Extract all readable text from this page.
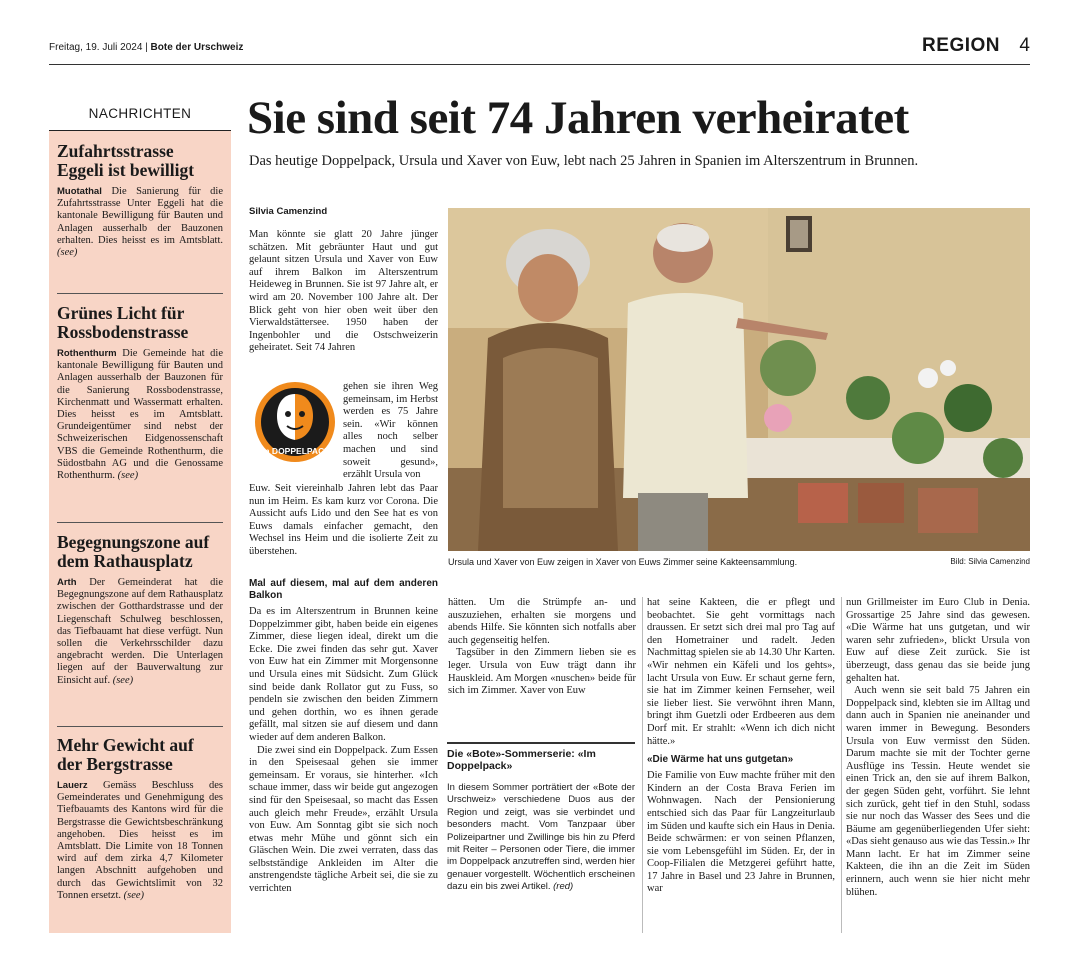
Freitag, 19. Juli 2024 | Bote der Urschweiz	REGION 4
NACHRICHTEN
Zufahrtsstrasse Eggeli ist bewilligt
Muotathal Die Sanierung für die Zufahrtsstrasse Unter Eggeli hat die kantonale Bewilligung für Bauten und Anlagen ausserhalb der Bauzonen erhalten. Dies heisst es im Amtsblatt. (see)
Grünes Licht für Rossbodenstrasse
Rothenthurm Die Gemeinde hat die kantonale Bewilligung für Bauten und Anlagen ausserhalb der Bauzonen für die Sanierung Rossbodenstrasse, Kirchenmatt und Wassermatt erhalten. Dies heisst es im Amtsblatt. Grundeigentümer sind nebst der Schweizerischen Eidgenossenschaft VBS die Gemeinde Rothenthurm, die Südostbahn AG und die Genossame Rothenthurm. (see)
Begegnungszone auf dem Rathausplatz
Arth Der Gemeinderat hat die Begegnungszone auf dem Rathausplatz zwischen der Gotthardstrasse und der Liegenschaft Schulweg beschlossen, das Tiefbauamt hat diese verfügt. Nun sollen die Verkehrsschilder dazu angebracht werden. Die Unterlagen liegen auf der Bauverwaltung zur Einsicht auf. (see)
Mehr Gewicht auf der Bergstrasse
Lauerz Gemäss Beschluss des Gemeinderates und Genehmigung des Tiefbauamts des Kantons wird für die Bergstrasse die Gewichtsbeschränkung angehoben. Dies heisst es im Amtsblatt. Die Limite von 18 Tonnen wird auf dem zirka 4,7 Kilometer langen Abschnitt aufgehoben und durch das Gewichtslimit von 32 Tonnen ersetzt. (see)
Sie sind seit 74 Jahren verheiratet
Das heutige Doppelpack, Ursula und Xaver von Euw, lebt nach 25 Jahren in Spanien im Alterszentrum in Brunnen.
Silvia Camenzind

Man könnte sie glatt 20 Jahre jünger schätzen. Mit gebräunter Haut und gut gelaunt sitzen Ursula und Xaver von Euw auf ihrem Balkon im Alterszentrum Heideweg in Brunnen. Sie ist 97 Jahre alt, er wird am 20. November 100 Jahre alt. Der Blick geht von hier oben weit über den Vierwaldstättersee. 1950 haben der Ingenbohler und die Ostschweizerin geheiratet. Seit 74 Jahren

im DOPPELPACK

gehen sie ihren Weg gemeinsam, im Herbst werden es 75 Jahre sein. «Wir können alles noch selber machen und sind soweit gesund», erzählt Ursula von

Euw. Seit viereinhalb Jahren lebt das Paar nun im Heim. Es kam kurz vor Corona. Die Aussicht aufs Lido und den See hat es von Euws damals einfacher gemacht, den Wechsel ins Heim und die isolierte Zeit zu überstehen.

Ursula und Xaver von Euw zeigen in Xaver von Euws Zimmer seine Kakteensammlung.	Bild: Silvia Camenzind
Mal auf diesem, mal auf dem anderen Balkon

Da es im Alterszentrum in Brunnen keine Doppelzimmer gibt, haben beide ein eigenes Zimmer, diese liegen ideal, direkt um die Ecke. Die zwei finden das sehr gut. Xaver von Euw hat ein Zimmer mit Morgensonne und Ursula eines mit Südsicht. Zum Glück sind beide dank Rollator gut zu Fuss, so pendeln sie zwischen den beiden Zimmern und gehen dorthin, wo es ihnen gerade gefällt, mal sitzen sie auf diesem und dann wieder auf dem anderen Balkon.

Die zwei sind ein Doppelpack. Zum Essen in den Speisesaal gehen sie immer gemeinsam. Er voraus, sie hinterher. «Ich schaue immer, dass wir beide gut angezogen sind für den Speisesaal, so macht das Essen auch gleich mehr Freude», erzählt Ursula von Euw. Am Sonntag gibt sie sich noch etwas mehr Mühe und gönnt sich ein Gläschen Wein. Die zwei verraten, dass das selbstständige Ankleiden im Alter die anstrengendste tägliche Arbeit sei, die sie zu verrichten

hätten. Um die Strümpfe an- und auszuziehen, erhalten sie morgens und abends Hilfe. Sie könnten sich notfalls aber auch gegenseitig helfen.

Tagsüber in den Zimmern lieben sie es leger. Ursula von Euw trägt dann ihr Hauskleid. Am Morgen «nuschen» beide für sich im Zimmer. Xaver von Euw

Die «Bote»-Sommerserie: «Im Doppelpack»

In diesem Sommer porträtiert der «Bote der Urschweiz» verschiedene Duos aus der Region und zeigt, was sie verbindet und besonders macht. Vom Tanzpaar über Polizeipartner und Zwillinge bis hin zu Pferd mit Reiter – Personen oder Tiere, die immer im Doppelpack anzutreffen sind, werden hier genauer vorgestellt. Wöchentlich erscheinen dazu ein bis zwei Artikel. (red)

hat seine Kakteen, die er pflegt und beobachtet. Sie geht vormittags nach draussen. Er setzt sich drei mal pro Tag auf den Hometrainer und radelt. Jeden Nachmittag spielen sie ab 14.30 Uhr Karten. «Wir nehmen ein Käfeli und los gehts», lacht Ursula von Euw. Er schaut gerne fern, sie hat im Zimmer keinen Fernseher, weil sie lieber liest. Sie verwöhnt ihren Mann, bringt ihm Guetzli oder Erdbeeren aus dem Dorf mit. Er strahlt: «Wenn ich dich nicht hätte.»

«Die Wärme hat uns gutgetan»

Die Familie von Euw machte früher mit den Kindern an der Costa Brava Ferien im Wohnwagen. Nach der Pensionierung entschied sich das Paar für Langzeiturlaub im Süden und kaufte sich ein Haus in Denia. Beide schwärmen: er von seinen Pflanzen, sie vom Lebensgefühl im Süden. Er, der in Coop-Filialen die Metzgerei geführt hatte, 17 Jahre in Basel und 23 Jahre in Brunnen, war

nun Grillmeister im Euro Club in Denia. Grossartige 25 Jahre sind das gewesen. «Die Wärme hat uns gutgetan, und wir waren sehr zufrieden», blickt Ursula von Euw auf diese Zeit zurück. Sie ist überzeugt, dass genau das sie beide jung gehalten hat.

Auch wenn sie seit bald 75 Jahren ein Doppelpack sind, klebten sie im Alltag und dann auch in Spanien nie aneinander und waren immer in Bewegung. Besonders Ursula von Euw vermisst den Süden. Darum machte sie mit der Tochter gerne Ausflüge ins Tessin. Heute wendet sie einen Trick an, den sie auf ihrem Balkon, der gegen Süden geht, vorführt. Sie lehnt sich zurück, geht tief in den Stuhl, sodass sie nur noch das Wasser des Sees und die Bäume am gegenüberliegenden Ufer sieht: «Das sieht genauso aus wie das Tessin.» Ihr Mann lacht. Er hat im Zimmer seine Kakteen, die ihn an die Zeit im Süden erinnern, auch wenn sie hier nicht mehr blühen.
